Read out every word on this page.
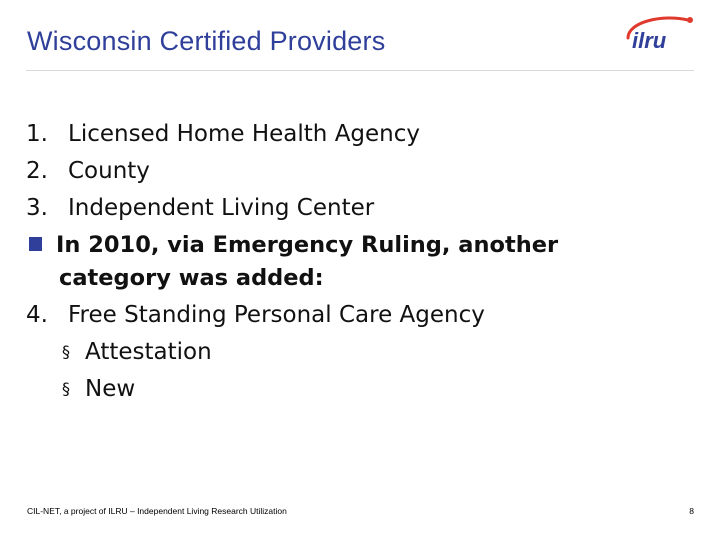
Wisconsin Certified Providers	ilru
1. Licensed Home Health Agency
2. County
3. Independent Living Center
In 2010, via Emergency Ruling, another
category was added:
4. Free Standing Personal Care Agency
§ Attestation
§ New
CIL-NET, a project of ILRU – Independent Living Research Utilization	8
